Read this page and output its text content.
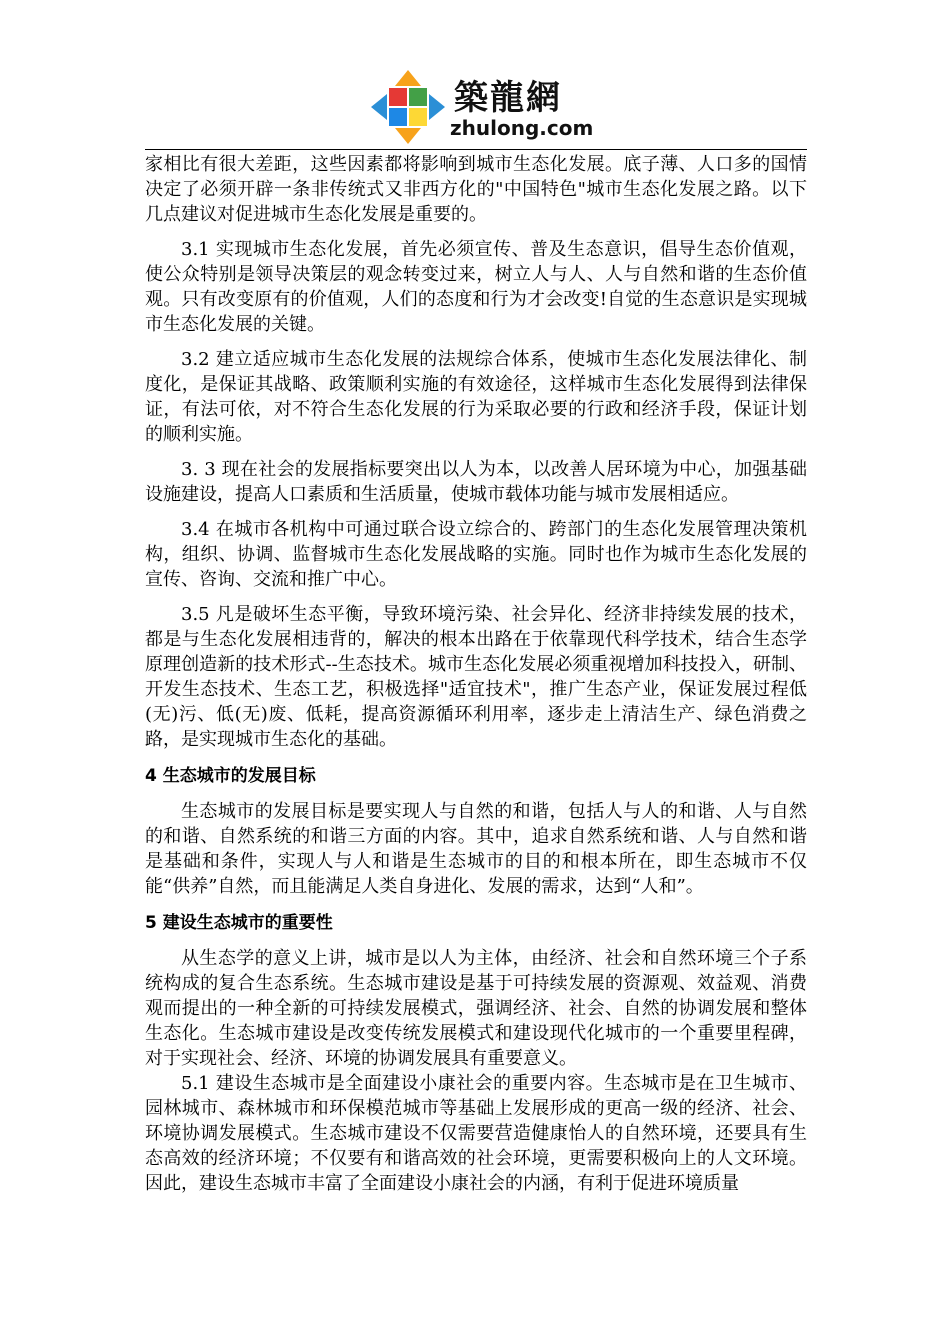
築龍網
zhulong.com

家相比有很大差距，这些因素都将影响到城市生态化发展。底子薄、人口多的国情决定了必须开辟一条非传统式又非西方化的"中国特色"城市生态化发展之路。以下几点建议对促进城市生态化发展是重要的。

3.1 实现城市生态化发展，首先必须宣传、普及生态意识，倡导生态价值观，使公众特别是领导决策层的观念转变过来，树立人与人、人与自然和谐的生态价值观。只有改变原有的价值观，人们的态度和行为才会改变!自觉的生态意识是实现城市生态化发展的关键。

3.2 建立适应城市生态化发展的法规综合体系，使城市生态化发展法律化、制度化，是保证其战略、政策顺利实施的有效途径，这样城市生态化发展得到法律保证，有法可依，对不符合生态化发展的行为采取必要的行政和经济手段，保证计划的顺利实施。

3. 3 现在社会的发展指标要突出以人为本，以改善人居环境为中心，加强基础设施建设，提高人口素质和生活质量，使城市载体功能与城市发展相适应。

3.4 在城市各机构中可通过联合设立综合的、跨部门的生态化发展管理决策机构，组织、协调、监督城市生态化发展战略的实施。同时也作为城市生态化发展的宣传、咨询、交流和推广中心。

3.5 凡是破坏生态平衡，导致环境污染、社会异化、经济非持续发展的技术，都是与生态化发展相违背的，解决的根本出路在于依靠现代科学技术，结合生态学原理创造新的技术形式--生态技术。城市生态化发展必须重视增加科技投入，研制、开发生态技术、生态工艺，积极选择"适宜技术"，推广生态产业，保证发展过程低(无)污、低(无)废、低耗，提高资源循环利用率，逐步走上清洁生产、绿色消费之路，是实现城市生态化的基础。

4 生态城市的发展目标

生态城市的发展目标是要实现人与自然的和谐，包括人与人的和谐、人与自然的和谐、自然系统的和谐三方面的内容。其中，追求自然系统和谐、人与自然和谐是基础和条件，实现人与人和谐是生态城市的目的和根本所在，即生态城市不仅能“供养”自然，而且能满足人类自身进化、发展的需求，达到“人和”。

5 建设生态城市的重要性

从生态学的意义上讲，城市是以人为主体，由经济、社会和自然环境三个子系统构成的复合生态系统。生态城市建设是基于可持续发展的资源观、效益观、消费观而提出的一种全新的可持续发展模式，强调经济、社会、自然的协调发展和整体生态化。生态城市建设是改变传统发展模式和建设现代化城市的一个重要里程碑，对于实现社会、经济、环境的协调发展具有重要意义。

5.1 建设生态城市是全面建设小康社会的重要内容。生态城市是在卫生城市、园林城市、森林城市和环保模范城市等基础上发展形成的更高一级的经济、社会、环境协调发展模式。生态城市建设不仅需要营造健康怡人的自然环境，还要具有生态高效的经济环境；不仅要有和谐高效的社会环境，更需要积极向上的人文环境。因此，建设生态城市丰富了全面建设小康社会的内涵，有利于促进环境质量
